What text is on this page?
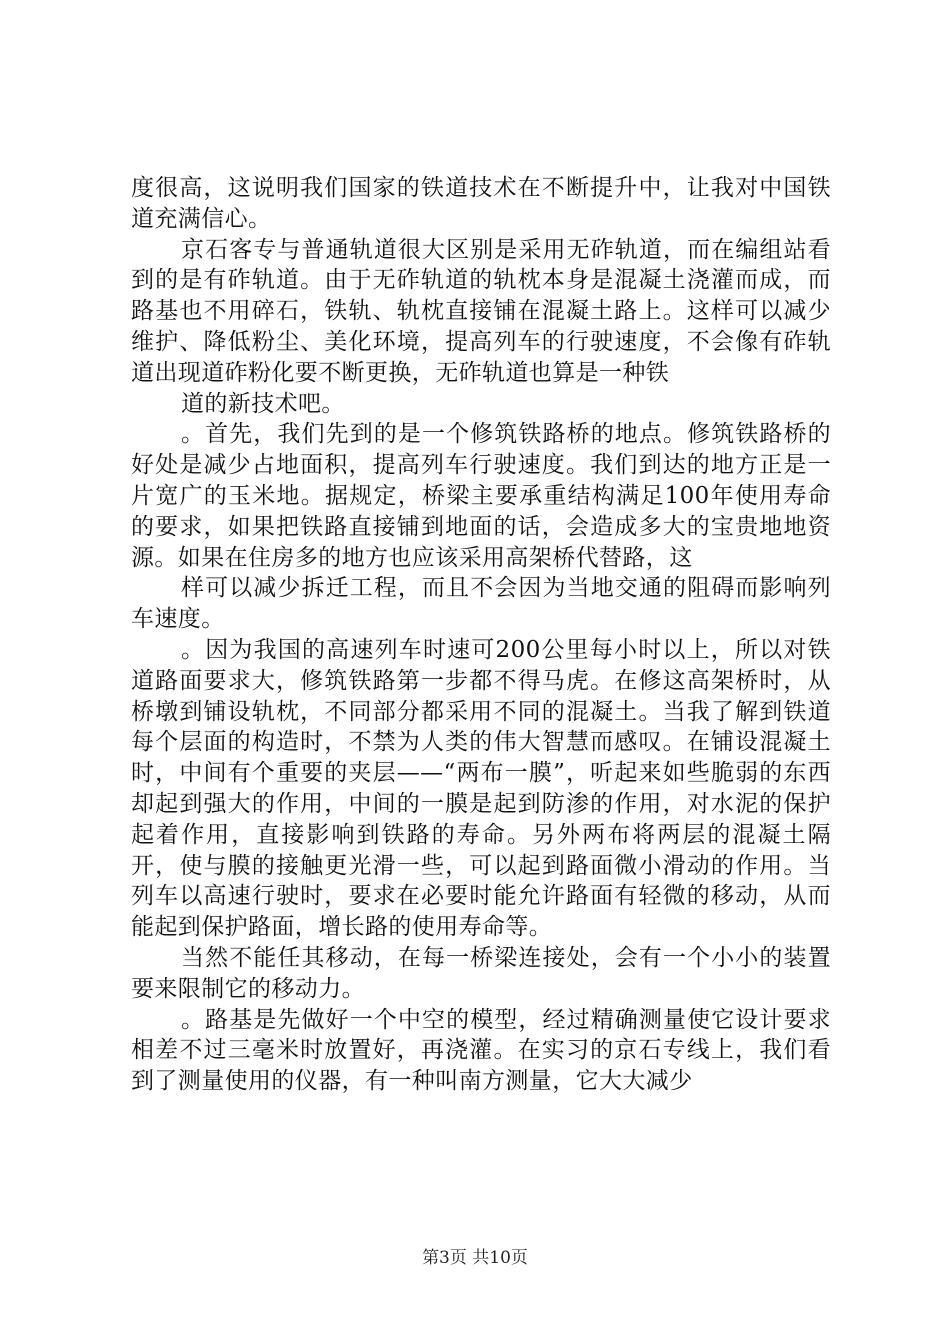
度很高，这说明我们国家的铁道技术在不断提升中，让我对中国铁道充满信心。

京石客专与普通轨道很大区别是采用无砟轨道，而在编组站看到的是有砟轨道。由于无砟轨道的轨枕本身是混凝土浇灌而成，而路基也不用碎石，铁轨、轨枕直接铺在混凝土路上。这样可以减少维护、降低粉尘、美化环境，提高列车的行驶速度，不会像有砟轨道出现道砟粉化要不断更换，无砟轨道也算是一种铁

道的新技术吧。

。首先，我们先到的是一个修筑铁路桥的地点。修筑铁路桥的好处是减少占地面积，提高列车行驶速度。我们到达的地方正是一片宽广的玉米地。据规定，桥梁主要承重结构满足100年使用寿命的要求，如果把铁路直接铺到地面的话，会造成多大的宝贵地地资源。如果在住房多的地方也应该采用高架桥代替路，这

样可以减少拆迁工程，而且不会因为当地交通的阻碍而影响列车速度。

。因为我国的高速列车时速可200公里每小时以上，所以对铁道路面要求大，修筑铁路第一步都不得马虎。在修这高架桥时，从桥墩到铺设轨枕，不同部分都采用不同的混凝土。当我了解到铁道每个层面的构造时，不禁为人类的伟大智慧而感叹。在铺设混凝土时，中间有个重要的夹层——“两布一膜”，听起来如些脆弱的东西却起到强大的作用，中间的一膜是起到防渗的作用，对水泥的保护起着作用，直接影响到铁路的寿命。另外两布将两层的混凝土隔开，使与膜的接触更光滑一些，可以起到路面微小滑动的作用。当列车以高速行驶时，要求在必要时能允许路面有轻微的移动，从而能起到保护路面，增长路的使用寿命等。

当然不能任其移动，在每一桥梁连接处，会有一个小小的装置要来限制它的移动力。

。路基是先做好一个中空的模型，经过精确测量使它设计要求相差不过三毫米时放置好，再浇灌。在实习的京石专线上，我们看到了测量使用的仪器，有一种叫南方测量，它大大减少

第3页 共10页
